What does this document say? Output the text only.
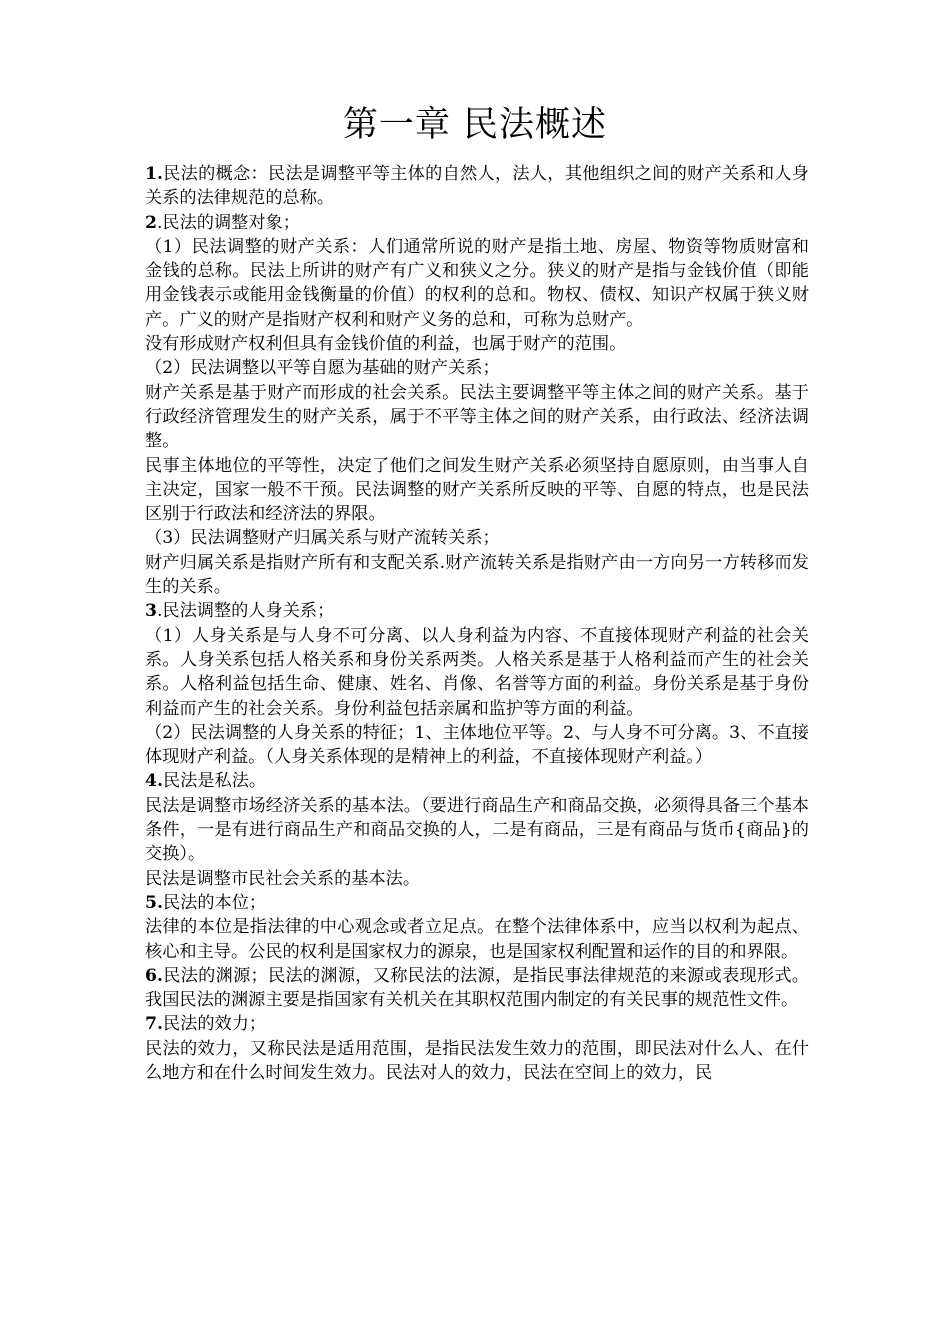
第一章 民法概述

1.民法的概念：民法是调整平等主体的自然人，法人，其他组织之间的财产关系和人身关系的法律规范的总称。

2.民法的调整对象；

（1）民法调整的财产关系：人们通常所说的财产是指土地、房屋、物资等物质财富和金钱的总称。民法上所讲的财产有广义和狭义之分。狭义的财产是指与金钱价值（即能用金钱表示或能用金钱衡量的价值）的权利的总和。物权、债权、知识产权属于狭义财产。广义的财产是指财产权利和财产义务的总和，可称为总财产。

没有形成财产权利但具有金钱价值的利益，也属于财产的范围。

（2）民法调整以平等自愿为基础的财产关系；

财产关系是基于财产而形成的社会关系。民法主要调整平等主体之间的财产关系。基于行政经济管理发生的财产关系，属于不平等主体之间的财产关系，由行政法、经济法调整。

民事主体地位的平等性，决定了他们之间发生财产关系必须坚持自愿原则，由当事人自主决定，国家一般不干预。民法调整的财产关系所反映的平等、自愿的特点，也是民法区别于行政法和经济法的界限。

（3）民法调整财产归属关系与财产流转关系；

财产归属关系是指财产所有和支配关系.财产流转关系是指财产由一方向另一方转移而发生的关系。

3.民法调整的人身关系；

（1）人身关系是与人身不可分离、以人身利益为内容、不直接体现财产利益的社会关系。人身关系包括人格关系和身份关系两类。人格关系是基于人格利益而产生的社会关系。人格利益包括生命、健康、姓名、肖像、名誉等方面的利益。身份关系是基于身份利益而产生的社会关系。身份利益包括亲属和监护等方面的利益。

（2）民法调整的人身关系的特征；1、主体地位平等。2、与人身不可分离。3、不直接体现财产利益。（人身关系体现的是精神上的利益，不直接体现财产利益。）

4.民法是私法。

民法是调整市场经济关系的基本法。（要进行商品生产和商品交换，必须得具备三个基本条件，一是有进行商品生产和商品交换的人，二是有商品，三是有商品与货币{商品}的交换）。

民法是调整市民社会关系的基本法。

5.民法的本位；

法律的本位是指法律的中心观念或者立足点。在整个法律体系中，应当以权利为起点、核心和主导。公民的权利是国家权力的源泉，也是国家权利配置和运作的目的和界限。

6.民法的渊源；民法的渊源，又称民法的法源，是指民事法律规范的来源或表现形式。我国民法的渊源主要是指国家有关机关在其职权范围内制定的有关民事的规范性文件。

7.民法的效力；

民法的效力，又称民法是适用范围，是指民法发生效力的范围，即民法对什么人、在什么地方和在什么时间发生效力。民法对人的效力，民法在空间上的效力，民
